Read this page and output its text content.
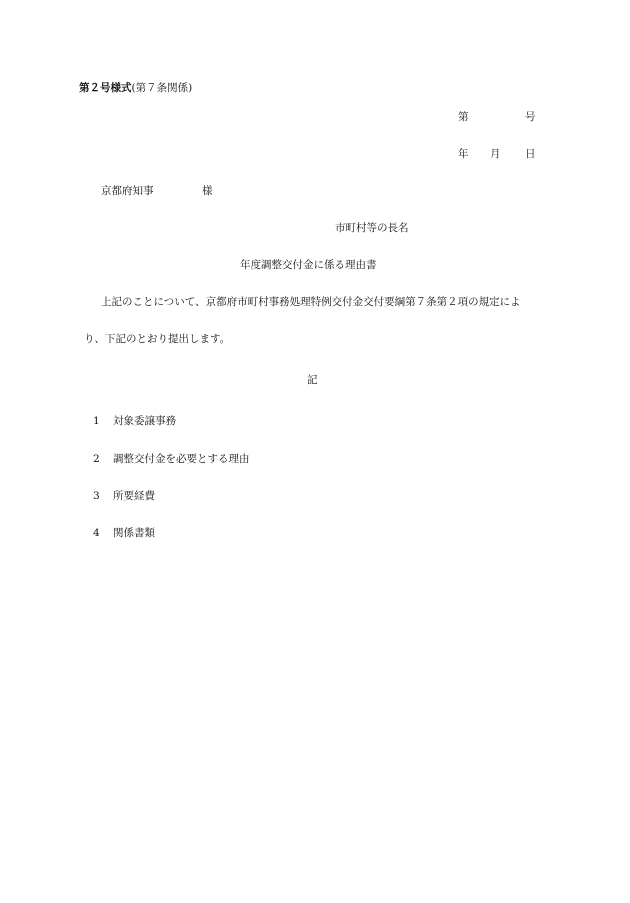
第２号様式(第７条関係)
第	号
年 月 日
京都府知事	様
市町村等の長名
年度調整交付金に係る理由書
上記のことについて、京都府市町村事務処理特例交付金交付要綱第７条第２項の規定によ
り、下記のとおり提出します。
記
1 対象委譲事務
2 調整交付金を必要とする理由
3 所要経費
4 関係書類
